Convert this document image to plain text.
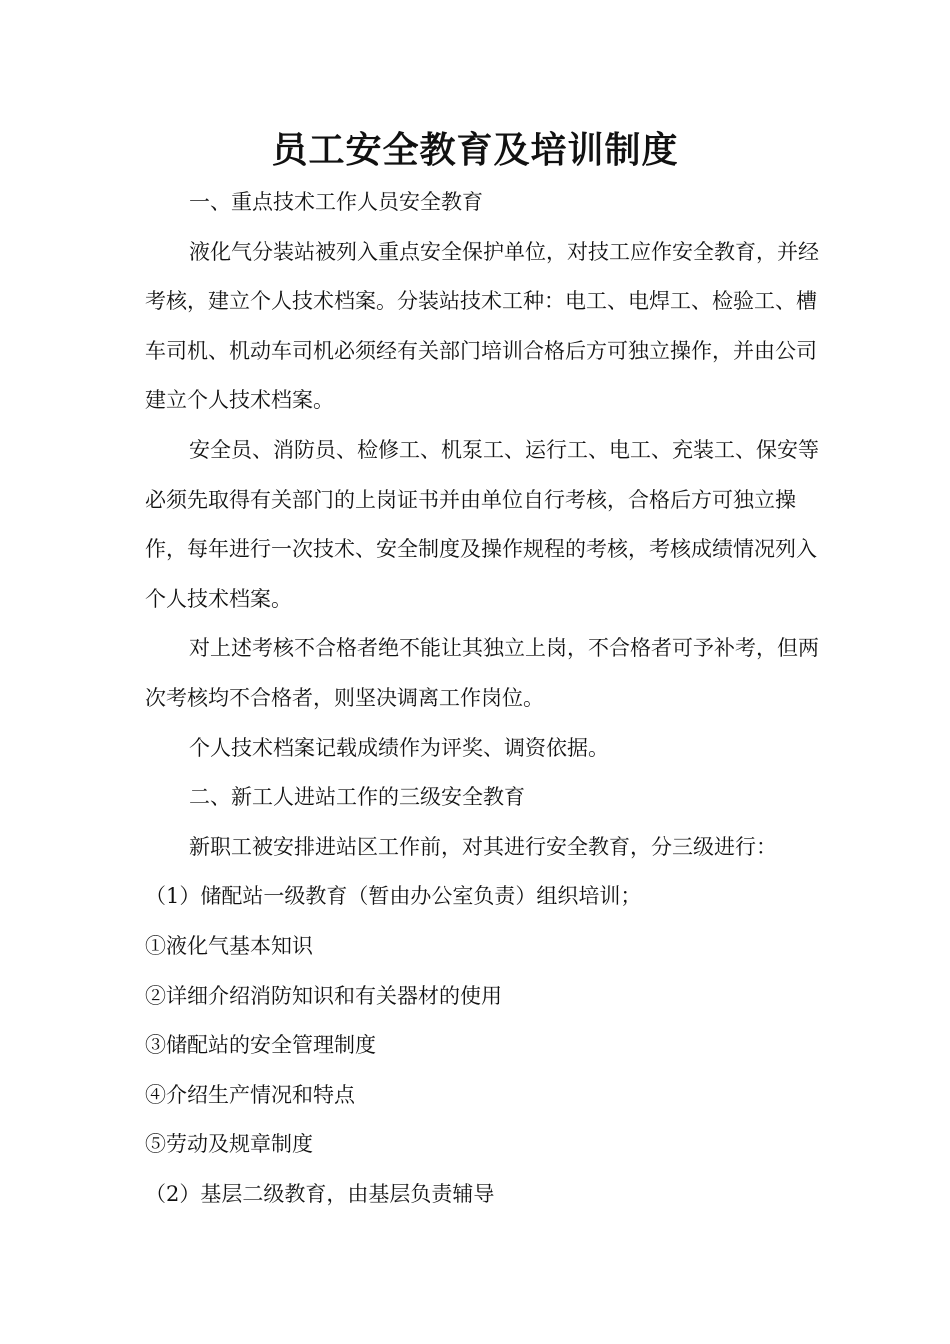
员工安全教育及培训制度

一、重点技术工作人员安全教育

液化气分装站被列入重点安全保护单位，对技工应作安全教育，并经考核，建立个人技术档案。分装站技术工种：电工、电焊工、检验工、槽车司机、机动车司机必须经有关部门培训合格后方可独立操作，并由公司建立个人技术档案。

安全员、消防员、检修工、机泵工、运行工、电工、充装工、保安等必须先取得有关部门的上岗证书并由单位自行考核，合格后方可独立操作，每年进行一次技术、安全制度及操作规程的考核，考核成绩情况列入个人技术档案。

对上述考核不合格者绝不能让其独立上岗，不合格者可予补考，但两次考核均不合格者，则坚决调离工作岗位。

个人技术档案记载成绩作为评奖、调资依据。

二、新工人进站工作的三级安全教育

新职工被安排进站区工作前，对其进行安全教育，分三级进行：

（1）储配站一级教育（暂由办公室负责）组织培训；

①液化气基本知识

②详细介绍消防知识和有关器材的使用

③储配站的安全管理制度

④介绍生产情况和特点

⑤劳动及规章制度

（2）基层二级教育，由基层负责辅导
